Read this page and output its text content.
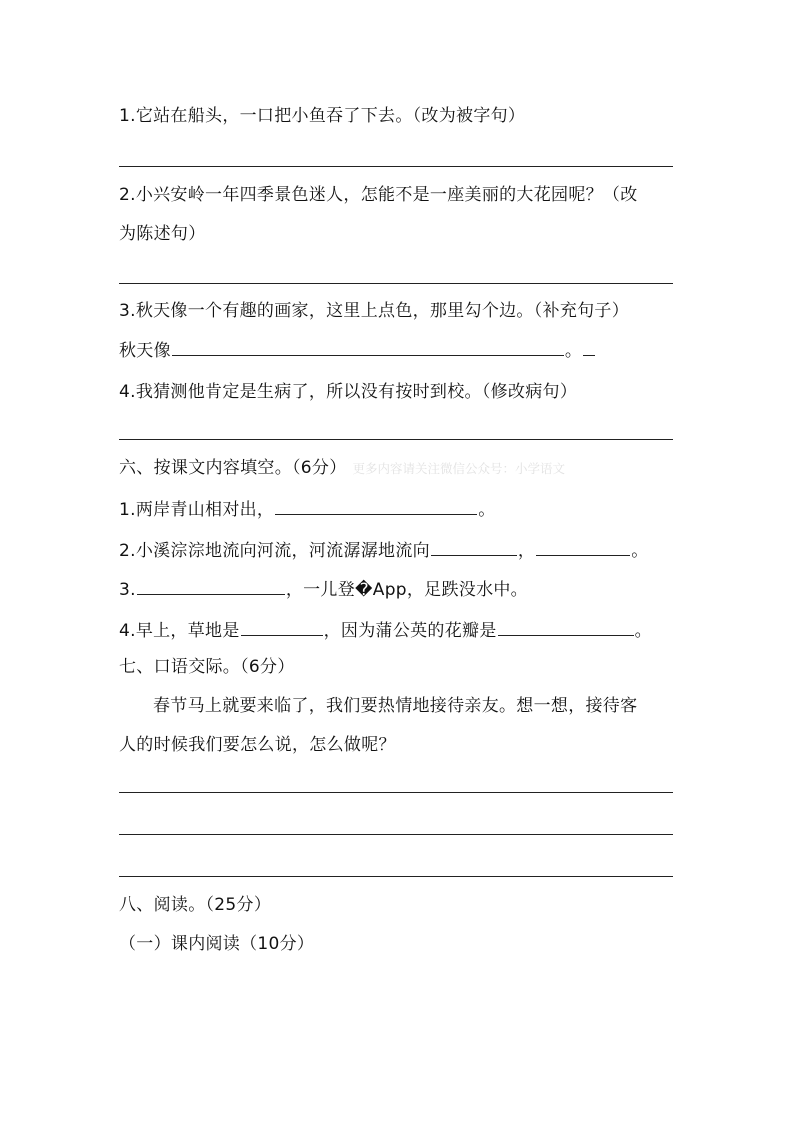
1.它站在船头，一口把小鱼吞了下去。（改为被字句）
2.小兴安岭一年四季景色迷人，怎能不是一座美丽的大花园呢？（改
为陈述句）
3.秋天像一个有趣的画家，这里上点色，那里勾个边。（补充句子）
秋天像	。
4.我猜测他肯定是生病了，所以没有按时到校。（修改病句）
六、按课文内容填空。（6分） 更多内容请关注微信公众号：小学语文
1.两岸青山相对出，	。
2.小溪淙淙地流向河流，河流潺潺地流向	，	。
3.	，一儿登�App，足跌没水中。
4.早上，草地是	，因为蒲公英的花瓣是	。
七、口语交际。（6分）
春节马上就要来临了，我们要热情地接待亲友。想一想，接待客
人的时候我们要怎么说，怎么做呢？
八、阅读。（25分）
（一）课内阅读（10分）
